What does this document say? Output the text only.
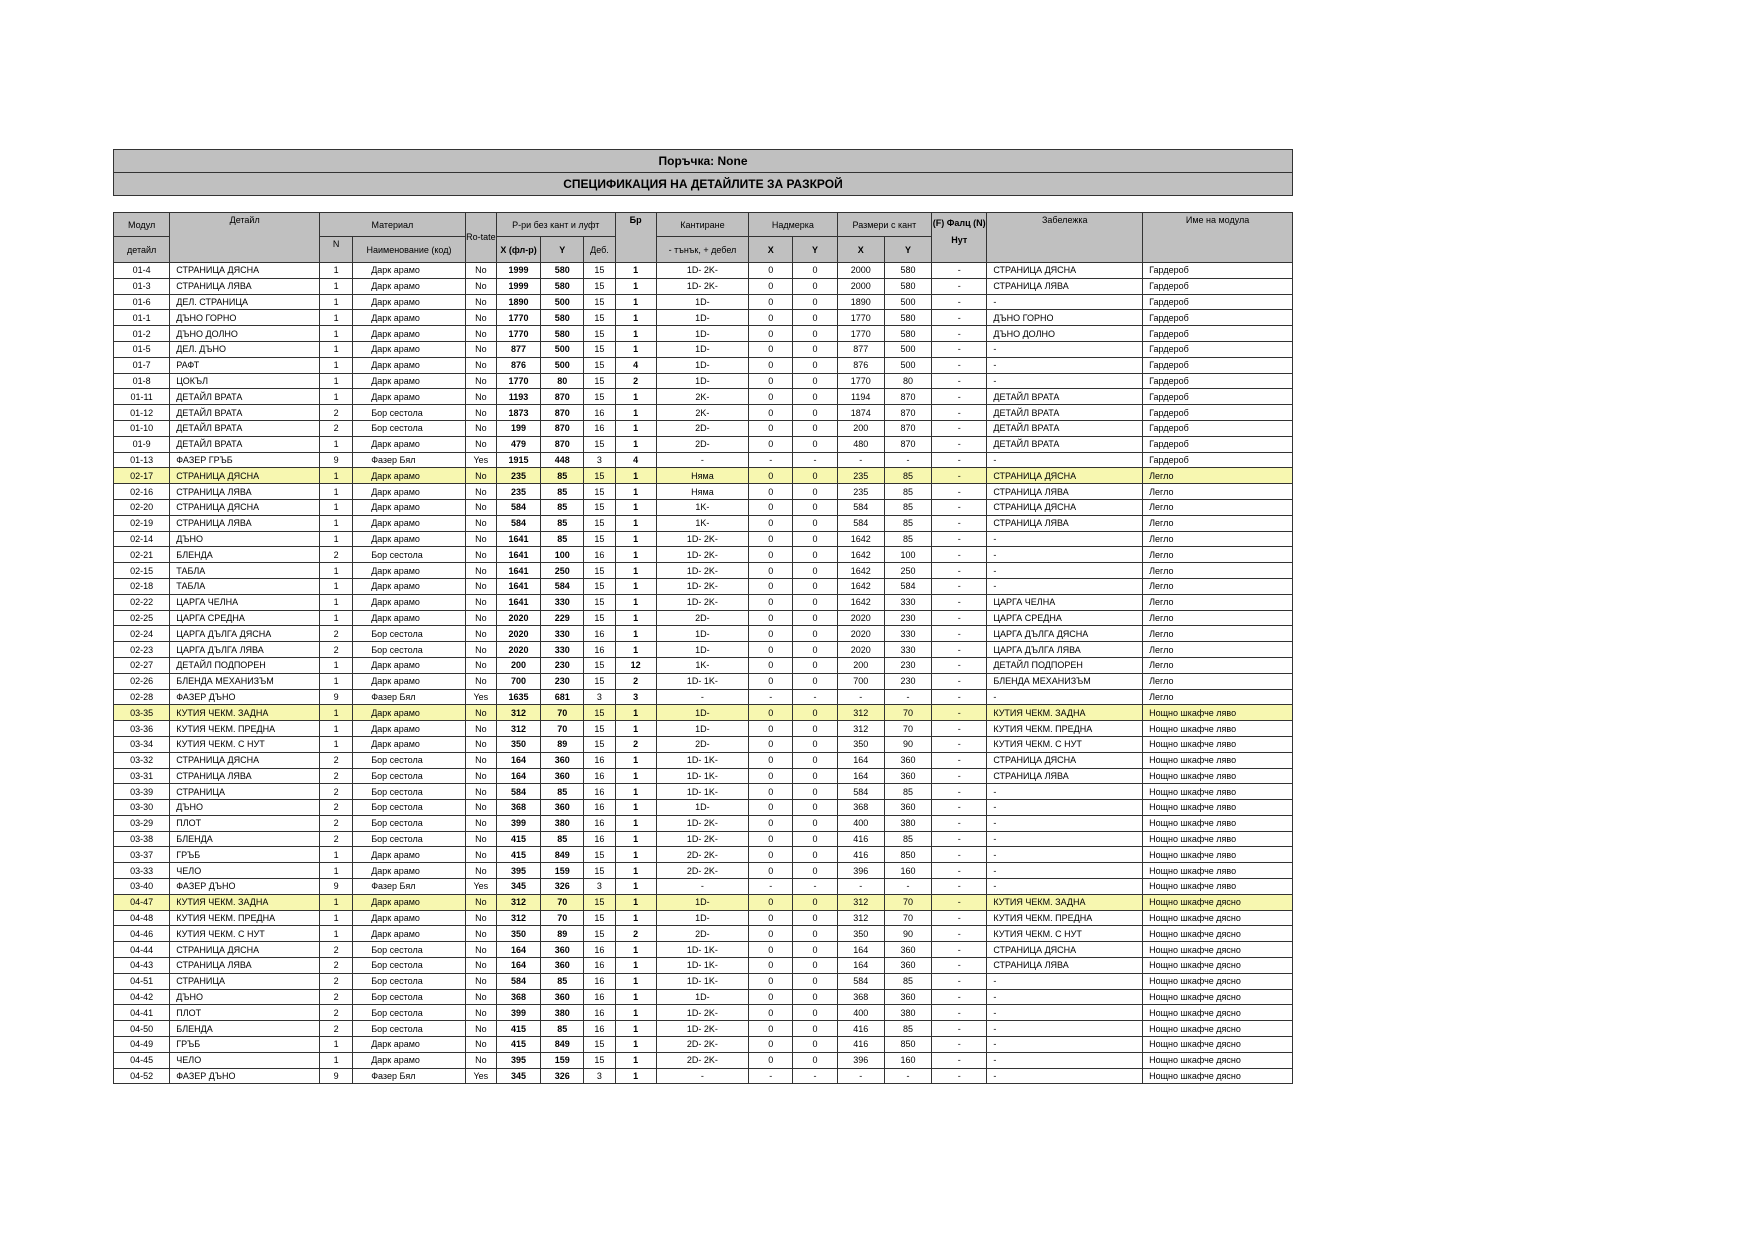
Поръчка: None
СПЕЦИФИКАЦИЯ НА ДЕТАЙЛИТЕ ЗА РАЗКРОЙ
Модул	Детайл	Материал		Ro-tate	Р-ри без кант и луфт			Бр	Кантиране	Надмерка		Размери с кант		(F) Фалц (N) Нут	Забележка	Име на модула
детайл		N	Наименование (код)		X (фл-р)	Y	Деб.		- тънък, + дебел	X	Y	X	Y			
01-4	СТРАНИЦА ДЯСНА	1	Дарк арамо	No	1999	580	15	1	1D- 2K-	0	0	2000	580	-	СТРАНИЦА ДЯСНА	Гардероб
01-3	СТРАНИЦА ЛЯВА	1	Дарк арамо	No	1999	580	15	1	1D- 2K-	0	0	2000	580	-	СТРАНИЦА ЛЯВА	Гардероб
01-6	ДЕЛ. СТРАНИЦА	1	Дарк арамо	No	1890	500	15	1	1D-	0	0	1890	500	-	-	Гардероб
01-1	ДЪНО ГОРНО	1	Дарк арамо	No	1770	580	15	1	1D-	0	0	1770	580	-	ДЪНО ГОРНО	Гардероб
01-2	ДЪНО ДОЛНО	1	Дарк арамо	No	1770	580	15	1	1D-	0	0	1770	580	-	ДЪНО ДОЛНО	Гардероб
01-5	ДЕЛ. ДЪНО	1	Дарк арамо	No	877	500	15	1	1D-	0	0	877	500	-	-	Гардероб
01-7	РАФТ	1	Дарк арамо	No	876	500	15	4	1D-	0	0	876	500	-	-	Гардероб
01-8	ЦОКЪЛ	1	Дарк арамо	No	1770	80	15	2	1D-	0	0	1770	80	-	-	Гардероб
01-11	ДЕТАЙЛ ВРАТА	1	Дарк арамо	No	1193	870	15	1	2K-	0	0	1194	870	-	ДЕТАЙЛ ВРАТА	Гардероб
01-12	ДЕТАЙЛ ВРАТА	2	Бор сестола	No	1873	870	16	1	2K-	0	0	1874	870	-	ДЕТАЙЛ ВРАТА	Гардероб
01-10	ДЕТАЙЛ ВРАТА	2	Бор сестола	No	199	870	16	1	2D-	0	0	200	870	-	ДЕТАЙЛ ВРАТА	Гардероб
01-9	ДЕТАЙЛ ВРАТА	1	Дарк арамо	No	479	870	15	1	2D-	0	0	480	870	-	ДЕТАЙЛ ВРАТА	Гардероб
01-13	ФАЗЕР ГРЪБ	9	Фазер Бял	Yes	1915	448	3	4	-	-	-	-	-	-	-	Гардероб
02-17	СТРАНИЦА ДЯСНА	1	Дарк арамо	No	235	85	15	1	Няма	0	0	235	85	-	СТРАНИЦА ДЯСНА	Легло
02-16	СТРАНИЦА ЛЯВА	1	Дарк арамо	No	235	85	15	1	Няма	0	0	235	85	-	СТРАНИЦА ЛЯВА	Легло
02-20	СТРАНИЦА ДЯСНА	1	Дарк арамо	No	584	85	15	1	1K-	0	0	584	85	-	СТРАНИЦА ДЯСНА	Легло
02-19	СТРАНИЦА ЛЯВА	1	Дарк арамо	No	584	85	15	1	1K-	0	0	584	85	-	СТРАНИЦА ЛЯВА	Легло
02-14	ДЪНО	1	Дарк арамо	No	1641	85	15	1	1D- 2K-	0	0	1642	85	-	-	Легло
02-21	БЛЕНДА	2	Бор сестола	No	1641	100	16	1	1D- 2K-	0	0	1642	100	-	-	Легло
02-15	ТАБЛА	1	Дарк арамо	No	1641	250	15	1	1D- 2K-	0	0	1642	250	-	-	Легло
02-18	ТАБЛА	1	Дарк арамо	No	1641	584	15	1	1D- 2K-	0	0	1642	584	-	-	Легло
02-22	ЦАРГА ЧЕЛНА	1	Дарк арамо	No	1641	330	15	1	1D- 2K-	0	0	1642	330	-	ЦАРГА ЧЕЛНА	Легло
02-25	ЦАРГА СРЕДНА	1	Дарк арамо	No	2020	229	15	1	2D-	0	0	2020	230	-	ЦАРГА СРЕДНА	Легло
02-24	ЦАРГА ДЪЛГА ДЯСНА	2	Бор сестола	No	2020	330	16	1	1D-	0	0	2020	330	-	ЦАРГА ДЪЛГА ДЯСНА	Легло
02-23	ЦАРГА ДЪЛГА ЛЯВА	2	Бор сестола	No	2020	330	16	1	1D-	0	0	2020	330	-	ЦАРГА ДЪЛГА ЛЯВА	Легло
02-27	ДЕТАЙЛ ПОДПОРЕН	1	Дарк арамо	No	200	230	15	12	1K-	0	0	200	230	-	ДЕТАЙЛ ПОДПОРЕН	Легло
02-26	БЛЕНДА МЕХАНИЗЪМ	1	Дарк арамо	No	700	230	15	2	1D- 1K-	0	0	700	230	-	БЛЕНДА МЕХАНИЗЪМ	Легло
02-28	ФАЗЕР ДЪНО	9	Фазер Бял	Yes	1635	681	3	3	-	-	-	-	-	-	-	Легло
03-35	КУТИЯ ЧЕКМ. ЗАДНА	1	Дарк арамо	No	312	70	15	1	1D-	0	0	312	70	-	КУТИЯ ЧЕКМ. ЗАДНА	Нощно шкафче ляво
03-36	КУТИЯ ЧЕКМ. ПРЕДНА	1	Дарк арамо	No	312	70	15	1	1D-	0	0	312	70	-	КУТИЯ ЧЕКМ. ПРЕДНА	Нощно шкафче ляво
03-34	КУТИЯ ЧЕКМ. С НУТ	1	Дарк арамо	No	350	89	15	2	2D-	0	0	350	90	-	КУТИЯ ЧЕКМ. С НУТ	Нощно шкафче ляво
03-32	СТРАНИЦА ДЯСНА	2	Бор сестола	No	164	360	16	1	1D- 1K-	0	0	164	360	-	СТРАНИЦА ДЯСНА	Нощно шкафче ляво
03-31	СТРАНИЦА ЛЯВА	2	Бор сестола	No	164	360	16	1	1D- 1K-	0	0	164	360	-	СТРАНИЦА ЛЯВА	Нощно шкафче ляво
03-39	СТРАНИЦА	2	Бор сестола	No	584	85	16	1	1D- 1K-	0	0	584	85	-	-	Нощно шкафче ляво
03-30	ДЪНО	2	Бор сестола	No	368	360	16	1	1D-	0	0	368	360	-	-	Нощно шкафче ляво
03-29	ПЛОТ	2	Бор сестола	No	399	380	16	1	1D- 2K-	0	0	400	380	-	-	Нощно шкафче ляво
03-38	БЛЕНДА	2	Бор сестола	No	415	85	16	1	1D- 2K-	0	0	416	85	-	-	Нощно шкафче ляво
03-37	ГРЪБ	1	Дарк арамо	No	415	849	15	1	2D- 2K-	0	0	416	850	-	-	Нощно шкафче ляво
03-33	ЧЕЛО	1	Дарк арамо	No	395	159	15	1	2D- 2K-	0	0	396	160	-	-	Нощно шкафче ляво
03-40	ФАЗЕР ДЪНО	9	Фазер Бял	Yes	345	326	3	1	-	-	-	-	-	-	-	Нощно шкафче ляво
04-47	КУТИЯ ЧЕКМ. ЗАДНА	1	Дарк арамо	No	312	70	15	1	1D-	0	0	312	70	-	КУТИЯ ЧЕКМ. ЗАДНА	Нощно шкафче дясно
04-48	КУТИЯ ЧЕКМ. ПРЕДНА	1	Дарк арамо	No	312	70	15	1	1D-	0	0	312	70	-	КУТИЯ ЧЕКМ. ПРЕДНА	Нощно шкафче дясно
04-46	КУТИЯ ЧЕКМ. С НУТ	1	Дарк арамо	No	350	89	15	2	2D-	0	0	350	90	-	КУТИЯ ЧЕКМ. С НУТ	Нощно шкафче дясно
04-44	СТРАНИЦА ДЯСНА	2	Бор сестола	No	164	360	16	1	1D- 1K-	0	0	164	360	-	СТРАНИЦА ДЯСНА	Нощно шкафче дясно
04-43	СТРАНИЦА ЛЯВА	2	Бор сестола	No	164	360	16	1	1D- 1K-	0	0	164	360	-	СТРАНИЦА ЛЯВА	Нощно шкафче дясно
04-51	СТРАНИЦА	2	Бор сестола	No	584	85	16	1	1D- 1K-	0	0	584	85	-	-	Нощно шкафче дясно
04-42	ДЪНО	2	Бор сестола	No	368	360	16	1	1D-	0	0	368	360	-	-	Нощно шкафче дясно
04-41	ПЛОТ	2	Бор сестола	No	399	380	16	1	1D- 2K-	0	0	400	380	-	-	Нощно шкафче дясно
04-50	БЛЕНДА	2	Бор сестола	No	415	85	16	1	1D- 2K-	0	0	416	85	-	-	Нощно шкафче дясно
04-49	ГРЪБ	1	Дарк арамо	No	415	849	15	1	2D- 2K-	0	0	416	850	-	-	Нощно шкафче дясно
04-45	ЧЕЛО	1	Дарк арамо	No	395	159	15	1	2D- 2K-	0	0	396	160	-	-	Нощно шкафче дясно
04-52	ФАЗЕР ДЪНО	9	Фазер Бял	Yes	345	326	3	1	-	-	-	-	-	-	-	Нощно шкафче дясно
